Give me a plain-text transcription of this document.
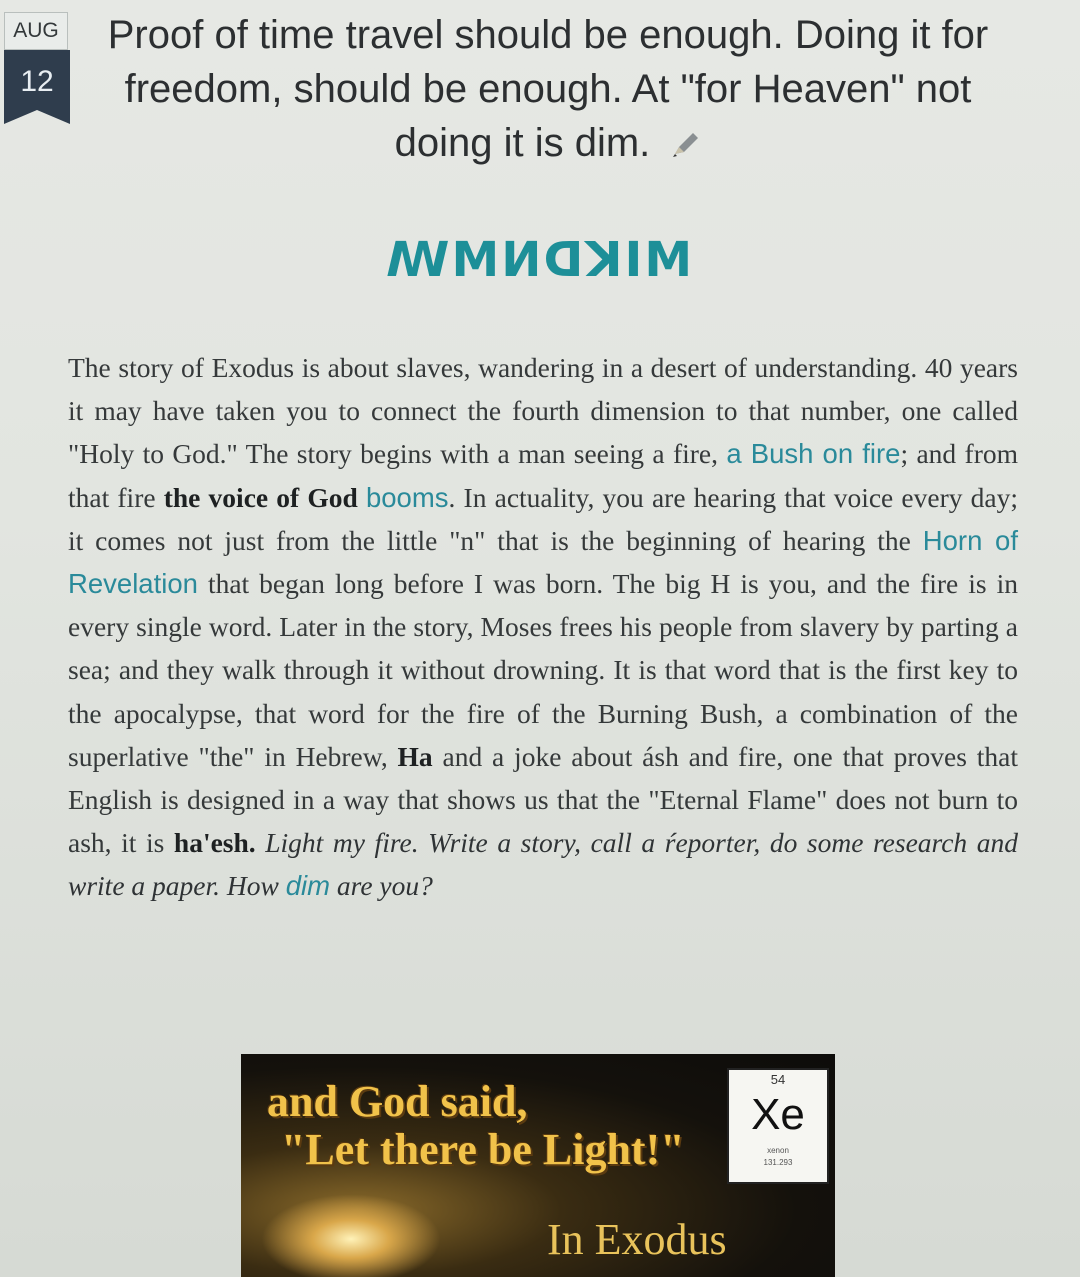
AUG
12
Proof of time travel should be enough. Doing it for freedom, should be enough. At "for Heaven" not doing it is dim.
ꟿMИꓷꓘIM

The story of Exodus is about slaves, wandering in a desert of understanding. 40 years it may have taken you to connect the fourth dimension to that number, one called "Holy to God." The story begins with a man seeing a fire, a Bush on fire; and from that fire the voice of God booms. In actuality, you are hearing that voice every day; it comes not just from the little "n" that is the beginning of hearing the Horn of Revelation that began long before I was born. The big H is you, and the fire is in every single word. Later in the story, Moses frees his people from slavery by parting a sea; and they walk through it without drowning. It is that word that is the first key to the apocalypse, that word for the fire of the Burning Bush, a combination of the superlative "the" in Hebrew, Ha and a joke about ásh and fire, one that proves that English is designed in a way that shows us that the "Eternal Flame" does not burn to ash, it is ha'esh. Light my fire. Write a story, call a ŕeporter, do some research and write a paper. How dim are you?

and God said,
"Let there be Light!"
54
Xe
xenon
131.293
In Exodus
